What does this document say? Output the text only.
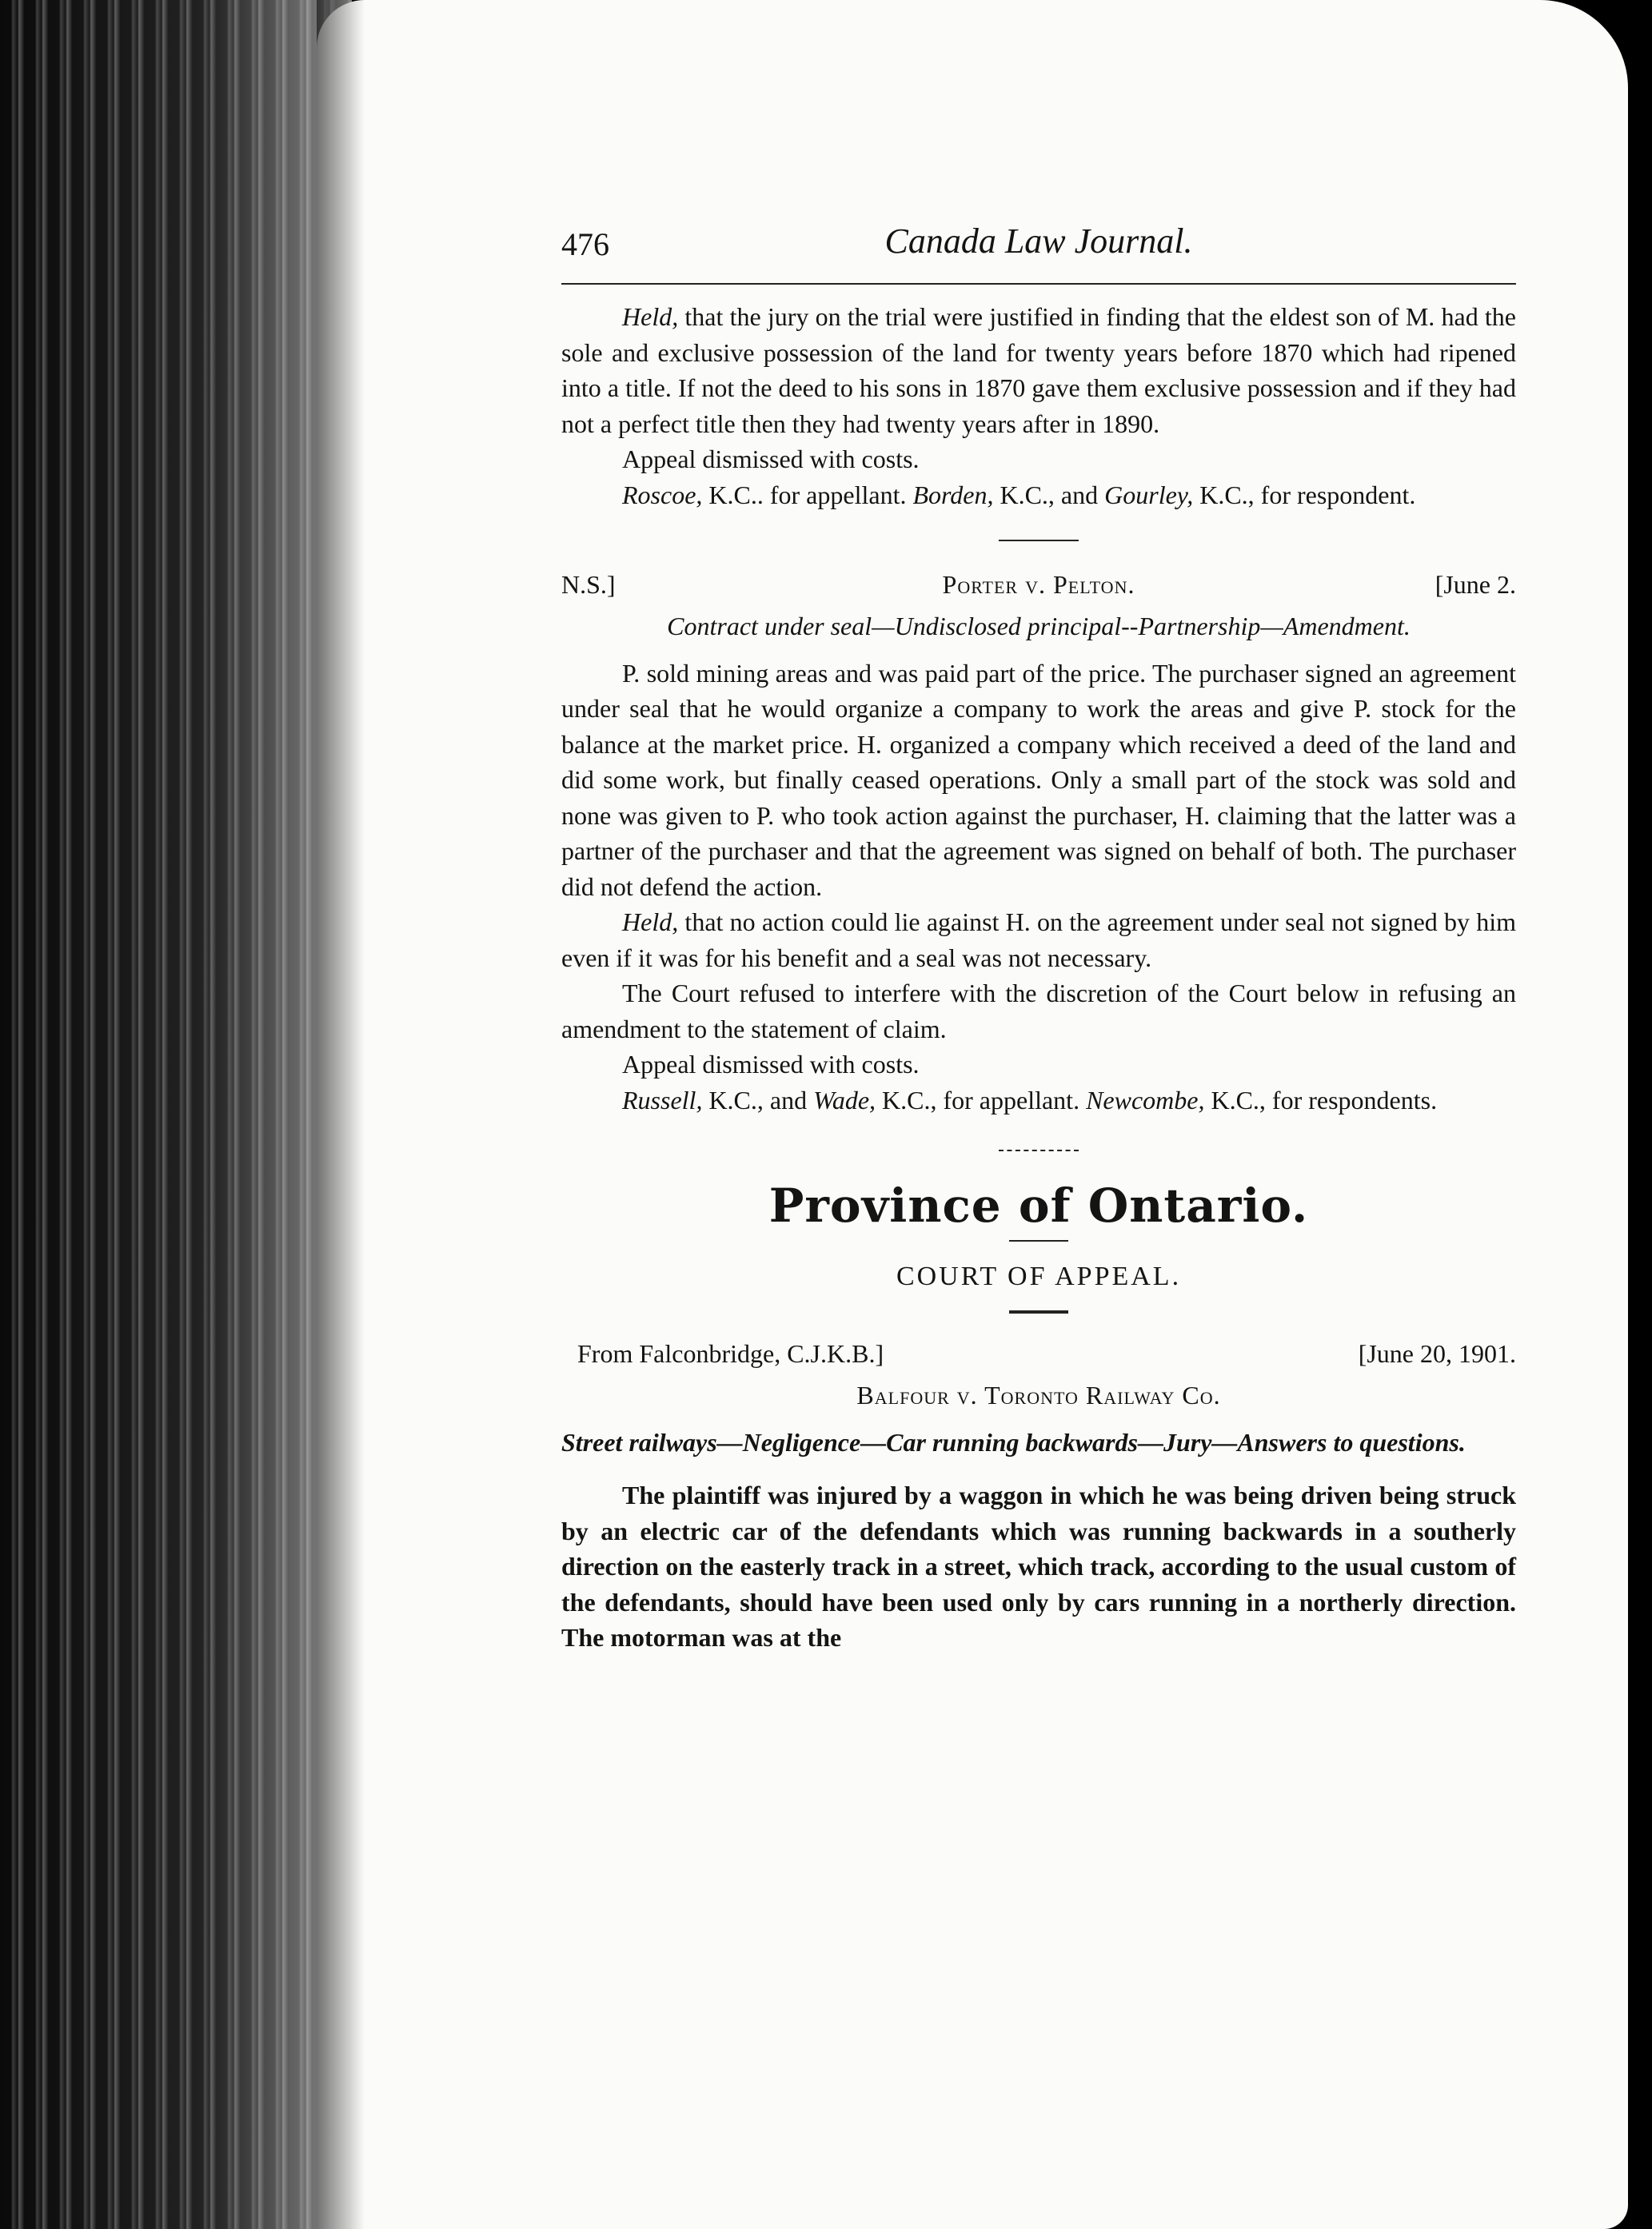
476	Canada Law Journal.

Held, that the jury on the trial were justified in finding that the eldest son of M. had the sole and exclusive possession of the land for twenty years before 1870 which had ripened into a title. If not the deed to his sons in 1870 gave them exclusive possession and if they had not a perfect title then they had twenty years after in 1890.

Appeal dismissed with costs.

Roscoe, K.C.. for appellant. Borden, K.C., and Gourley, K.C., for respondent.

N.S.]	Porter v. Pelton.	[June 2.

Contract under seal—Undisclosed principal--Partnership—Amendment.

P. sold mining areas and was paid part of the price. The purchaser signed an agreement under seal that he would organize a company to work the areas and give P. stock for the balance at the market price. H. organized a company which received a deed of the land and did some work, but finally ceased operations. Only a small part of the stock was sold and none was given to P. who took action against the purchaser, H. claiming that the latter was a partner of the purchaser and that the agreement was signed on behalf of both. The purchaser did not defend the action.

Held, that no action could lie against H. on the agreement under seal not signed by him even if it was for his benefit and a seal was not necessary.

The Court refused to interfere with the discretion of the Court below in refusing an amendment to the statement of claim.

Appeal dismissed with costs.

Russell, K.C., and Wade, K.C., for appellant. Newcombe, K.C., for respondents.

Province of Ontario.
COURT OF APPEAL.
From Falconbridge, C.J.K.B.]	[June 20, 1901.

Balfour v. Toronto Railway Co.

Street railways—Negligence—Car running backwards—Jury—Answers to questions.

The plaintiff was injured by a waggon in which he was being driven being struck by an electric car of the defendants which was running backwards in a southerly direction on the easterly track in a street, which track, according to the usual custom of the defendants, should have been used only by cars running in a northerly direction. The motorman was at the
